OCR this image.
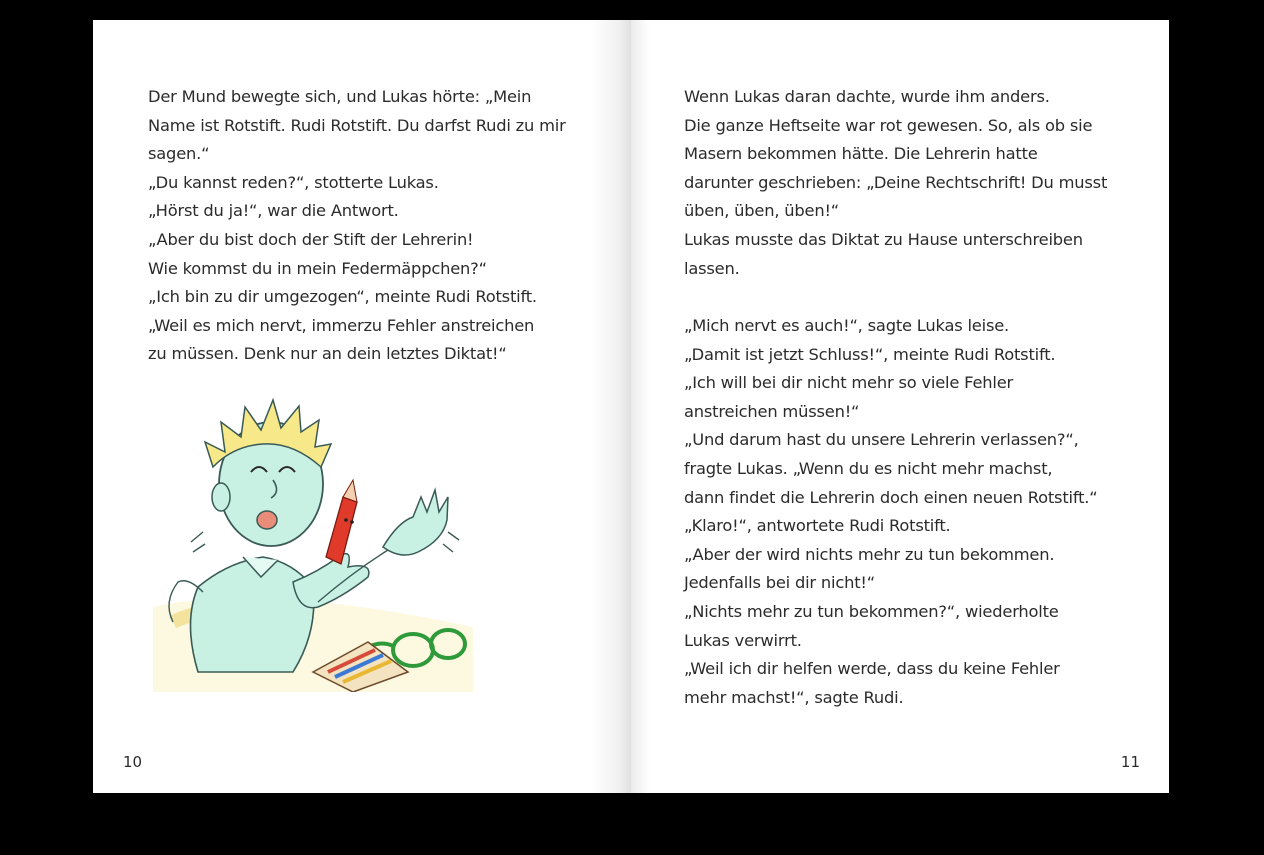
Der Mund bewegte sich, und Lukas hörte: „Mein
Name ist Rotstift. Rudi Rotstift. Du darfst Rudi zu mir
sagen.“
„Du kannst reden?“, stotterte Lukas.
„Hörst du ja!“, war die Antwort.
„Aber du bist doch der Stift der Lehrerin!
Wie kommst du in mein Federmäppchen?“
„Ich bin zu dir umgezogen“, meinte Rudi Rotstift.
„Weil es mich nervt, immerzu Fehler anstreichen
zu müssen. Denk nur an dein letztes Diktat!“
10
Wenn Lukas daran dachte, wurde ihm anders.
Die ganze Heftseite war rot gewesen. So, als ob sie
Masern bekommen hätte. Die Lehrerin hatte
darunter geschrieben: „Deine Rechtschrift! Du musst
üben, üben, üben!“
Lukas musste das Diktat zu Hause unterschreiben
lassen.
„Mich nervt es auch!“, sagte Lukas leise.
„Damit ist jetzt Schluss!“, meinte Rudi Rotstift.
„Ich will bei dir nicht mehr so viele Fehler
anstreichen müssen!“
„Und darum hast du unsere Lehrerin verlassen?“,
fragte Lukas. „Wenn du es nicht mehr machst,
dann findet die Lehrerin doch einen neuen Rotstift.“
„Klaro!“, antwortete Rudi Rotstift.
„Aber der wird nichts mehr zu tun bekommen.
Jedenfalls bei dir nicht!“
„Nichts mehr zu tun bekommen?“, wiederholte
Lukas verwirrt.
„Weil ich dir helfen werde, dass du keine Fehler
mehr machst!“, sagte Rudi.
11
